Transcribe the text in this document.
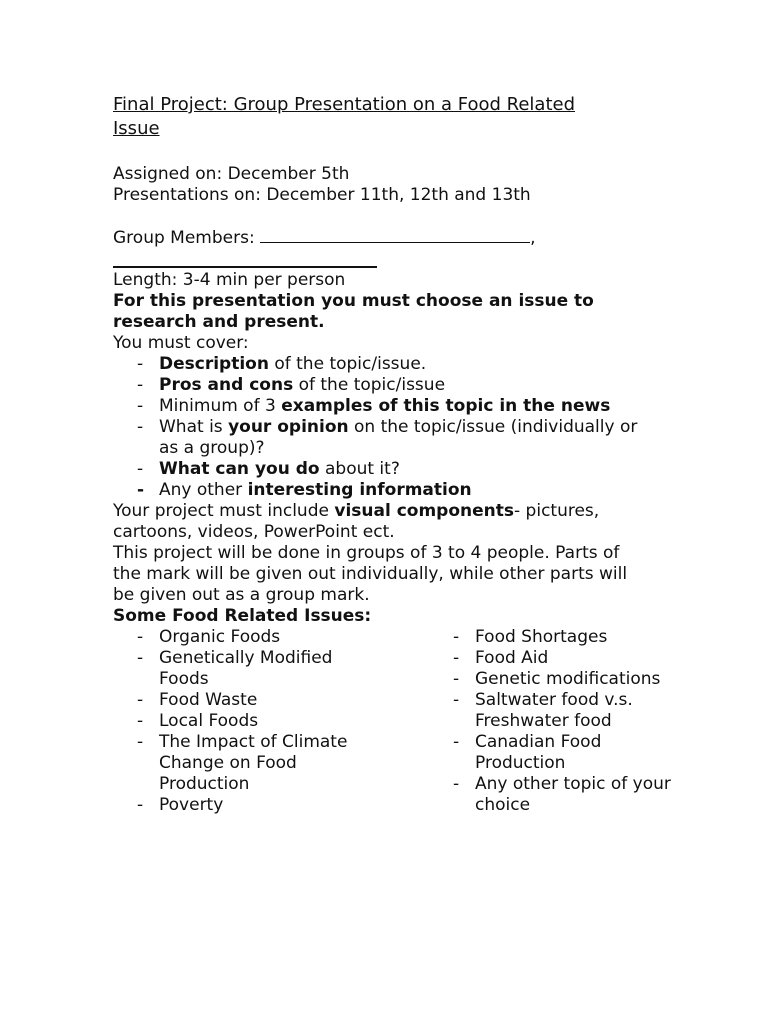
Final Project: Group Presentation on a Food Related
Issue
Assigned on: December 5th
Presentations on: December 11th, 12th and 13th
Group Members:	,
Length: 3-4 min per person
For this presentation you must choose an issue to
research and present.
You must cover:
- Description of the topic/issue.
- Pros and cons of the topic/issue
- Minimum of 3 examples of this topic in the news
- What is your opinion on the topic/issue (individually or
as a group)?
- What can you do about it?
- Any other interesting information
Your project must include visual components- pictures,
cartoons, videos, PowerPoint ect.
This project will be done in groups of 3 to 4 people. Parts of
the mark will be given out individually, while other parts will
be given out as a group mark.
Some Food Related Issues:
- Organic Foods
- Genetically Modified
Foods
- Food Waste
- Local Foods
- The Impact of Climate
Change on Food
Production
- Poverty
- Food Shortages
- Food Aid
- Genetic modifications
- Saltwater food v.s.
Freshwater food
- Canadian Food
Production
- Any other topic of your
choice
